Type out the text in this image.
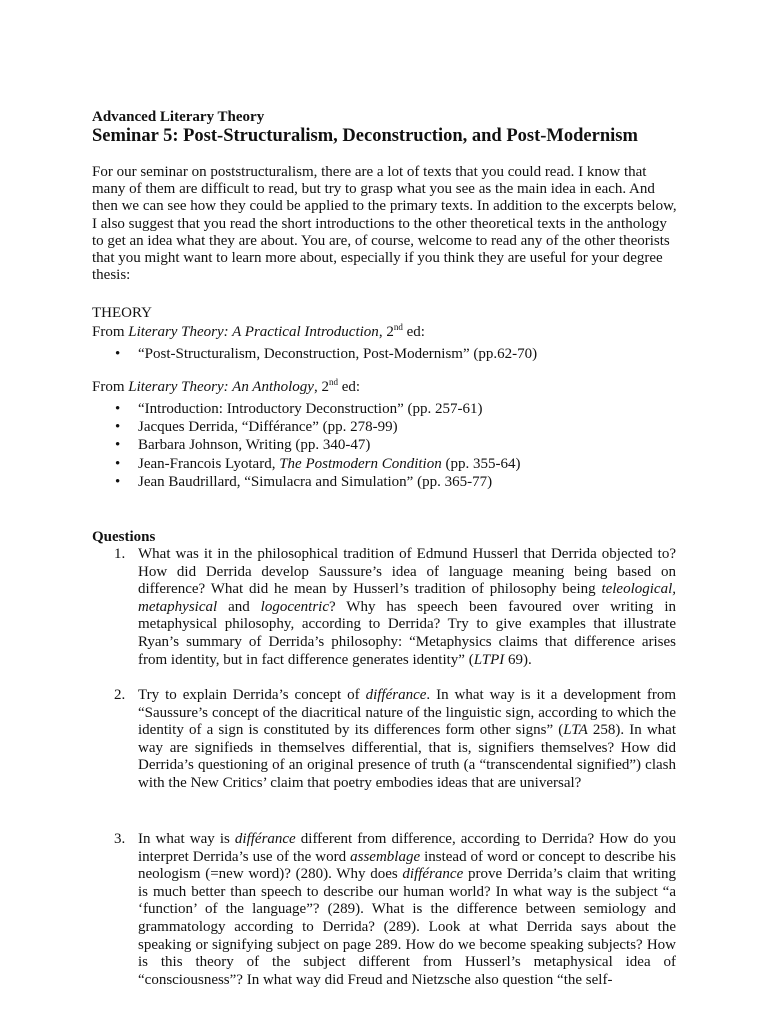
Advanced Literary Theory
Seminar 5: Post-Structuralism, Deconstruction, and Post-Modernism

For our seminar on poststructuralism, there are a lot of texts that you could read. I know that many of them are difficult to read, but try to grasp what you see as the main idea in each. And then we can see how they could be applied to the primary texts. In addition to the excerpts below, I also suggest that you read the short introductions to the other theoretical texts in the anthology to get an idea what they are about. You are, of course, welcome to read any of the other theorists that you might want to learn more about, especially if you think they are useful for your degree thesis:

THEORY
From Literary Theory: A Practical Introduction, 2nd ed:
• “Post-Structuralism, Deconstruction, Post-Modernism” (pp.62-70)
From Literary Theory: An Anthology, 2nd ed:
• “Introduction: Introductory Deconstruction” (pp. 257-61)
• Jacques Derrida, “Différance” (pp. 278-99)
• Barbara Johnson, Writing (pp. 340-47)
• Jean-Francois Lyotard, The Postmodern Condition (pp. 355-64)
• Jean Baudrillard, “Simulacra and Simulation” (pp. 365-77)
Questions
1. What was it in the philosophical tradition of Edmund Husserl that Derrida objected to? How did Derrida develop Saussure’s idea of language meaning being based on difference? What did he mean by Husserl’s tradition of philosophy being teleological, metaphysical and logocentric? Why has speech been favoured over writing in metaphysical philosophy, according to Derrida? Try to give examples that illustrate Ryan’s summary of Derrida’s philosophy: “Metaphysics claims that difference arises from identity, but in fact difference generates identity” (LTPI 69).

2. Try to explain Derrida’s concept of différance. In what way is it a development from “Saussure’s concept of the diacritical nature of the linguistic sign, according to which the identity of a sign is constituted by its differences form other signs” (LTA 258). In what way are signifieds in themselves differential, that is, signifiers themselves? How did Derrida’s questioning of an original presence of truth (a “transcendental signified”) clash with the New Critics’ claim that poetry embodies ideas that are universal?

3. In what way is différance different from difference, according to Derrida? How do you interpret Derrida’s use of the word assemblage instead of word or concept to describe his neologism (=new word)? (280). Why does différance prove Derrida’s claim that writing is much better than speech to describe our human world? In what way is the subject “a ‘function’ of the language”? (289). What is the difference between semiology and grammatology according to Derrida? (289). Look at what Derrida says about the speaking or signifying subject on page 289. How do we become speaking subjects? How is this theory of the subject different from Husserl’s metaphysical idea of “consciousness”? In what way did Freud and Nietzsche also question “the self-
